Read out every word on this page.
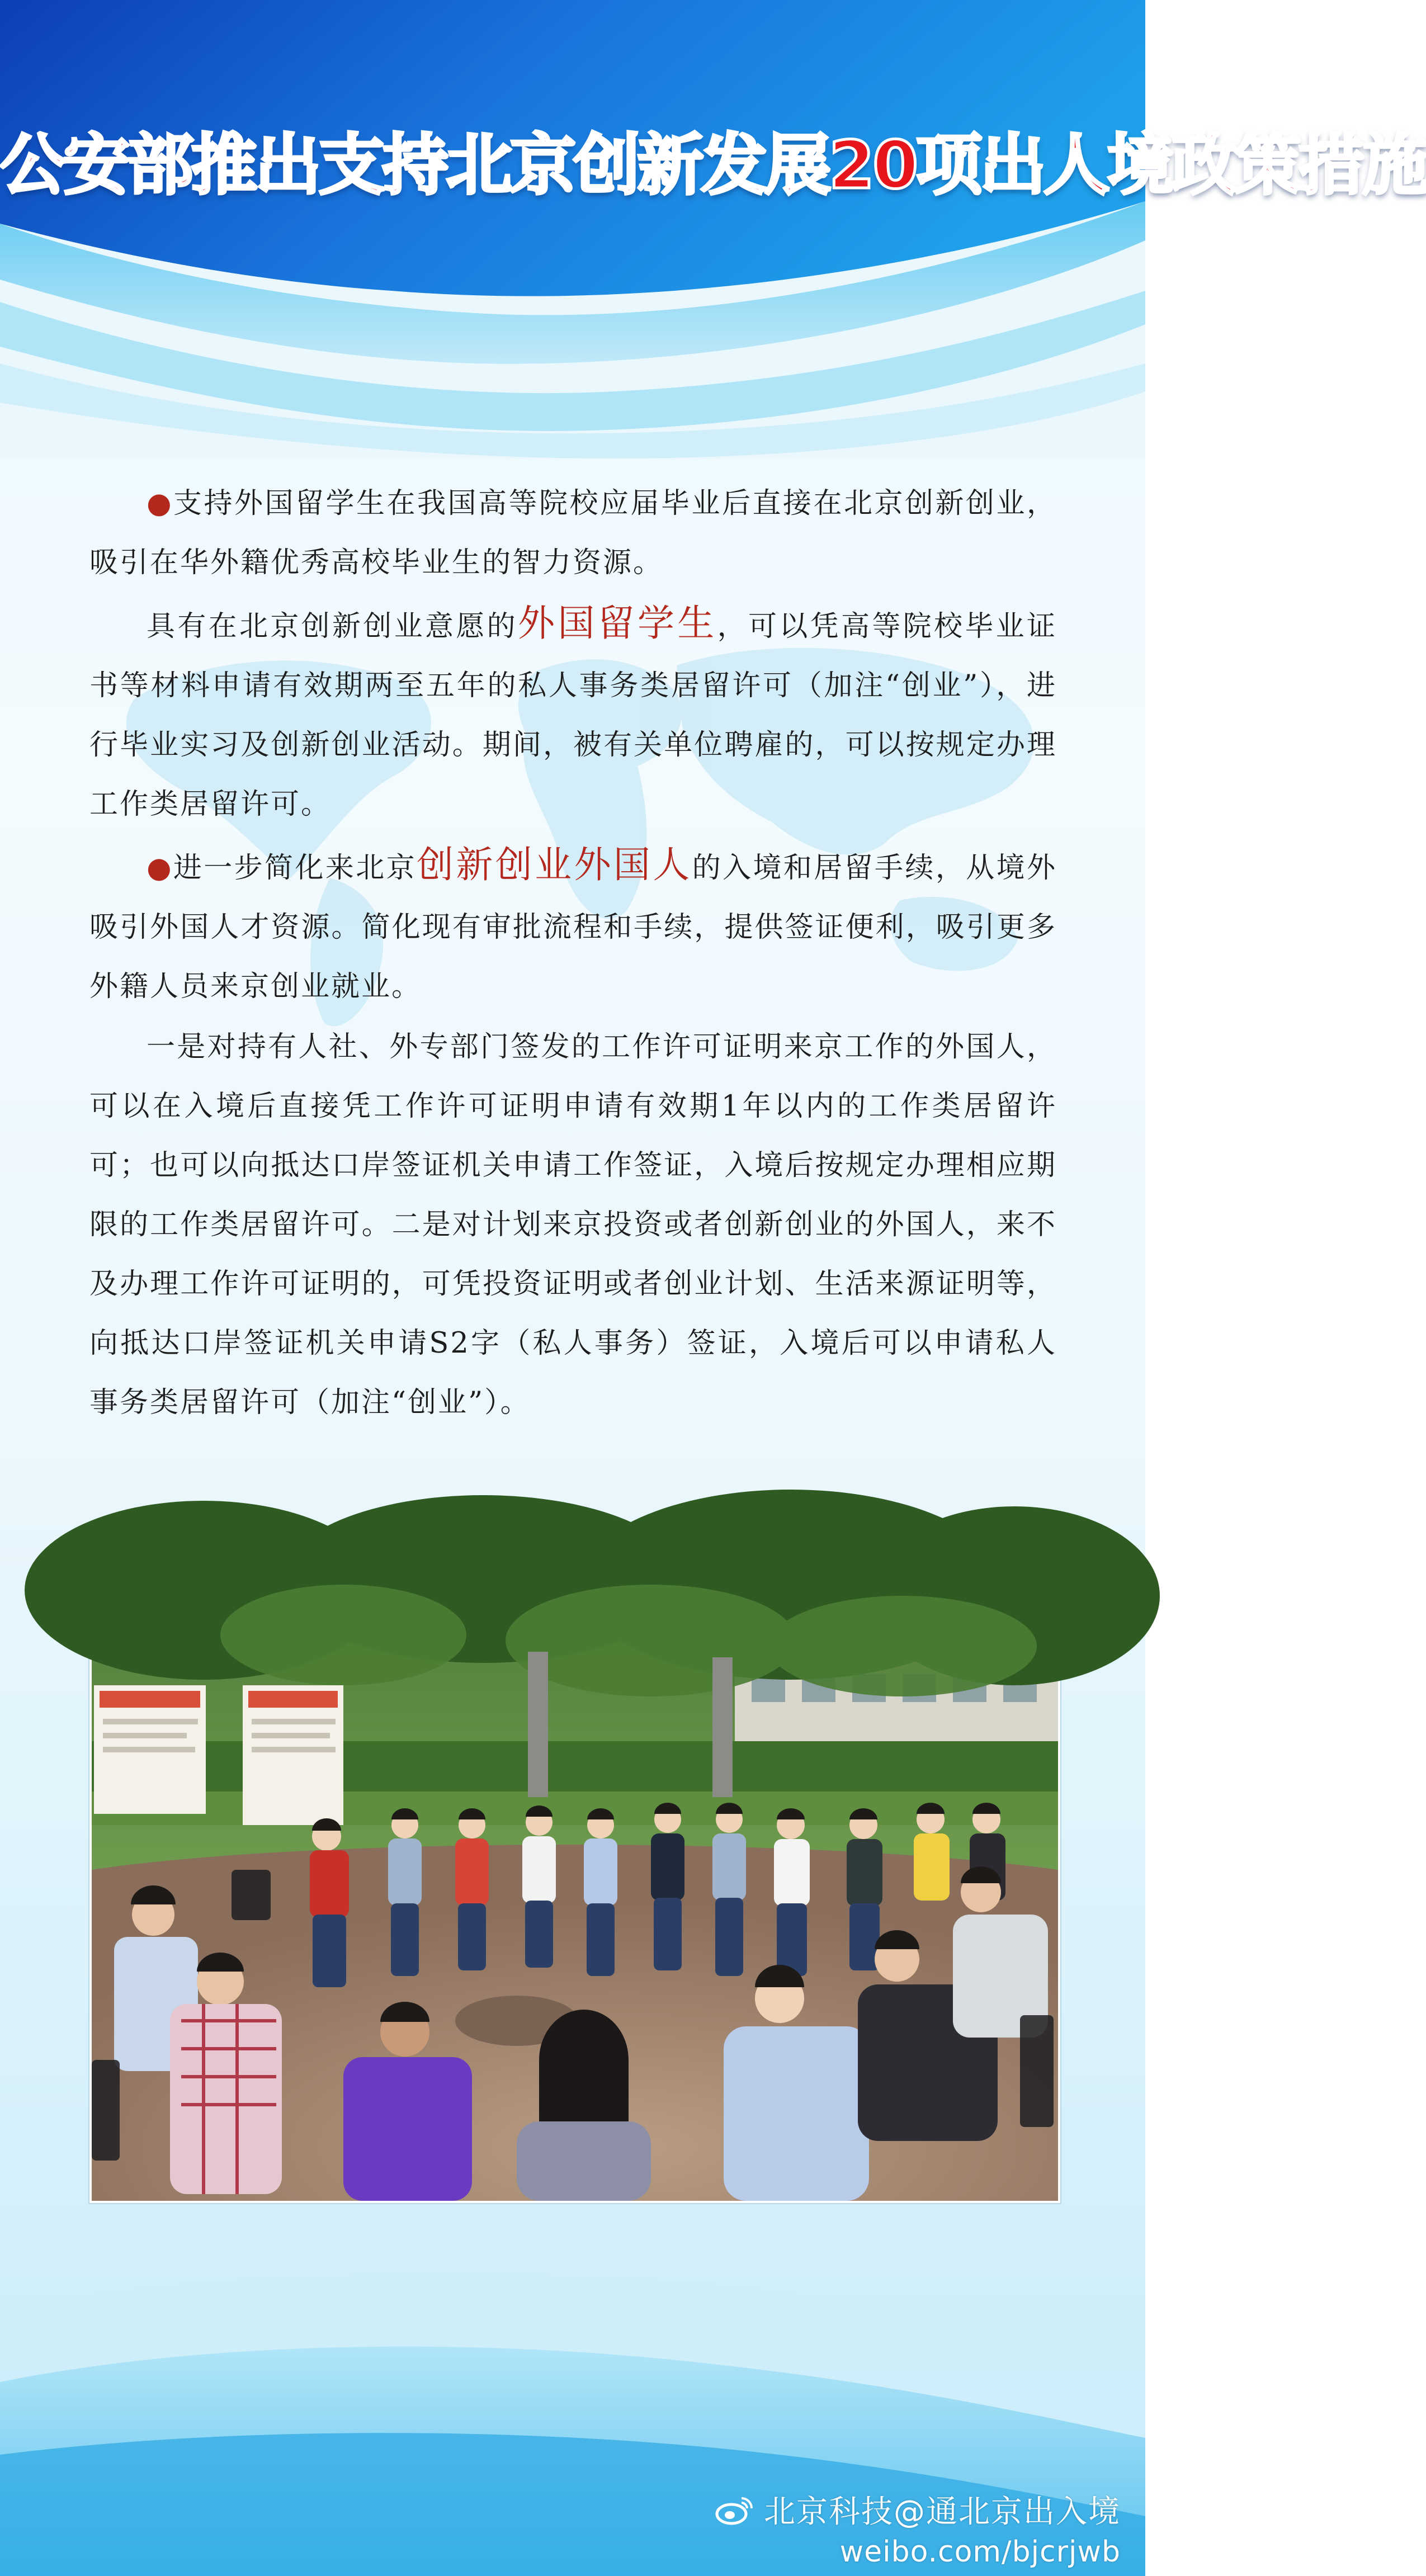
公安部推出支持北京创新发展20项出人境政策措施

●支持外国留学生在我国高等院校应届毕业后直接在北京创新创业，吸引在华外籍优秀高校毕业生的智力资源。

具有在北京创新创业意愿的外国留学生，可以凭高等院校毕业证书等材料申请有效期两至五年的私人事务类居留许可（加注“创业”），进行毕业实习及创新创业活动。期间，被有关单位聘雇的，可以按规定办理工作类居留许可。

●进一步简化来北京创新创业外国人的入境和居留手续，从境外吸引外国人才资源。简化现有审批流程和手续，提供签证便利，吸引更多外籍人员来京创业就业。

一是对持有人社、外专部门签发的工作许可证明来京工作的外国人，可以在入境后直接凭工作许可证明申请有效期1年以内的工作类居留许可；也可以向抵达口岸签证机关申请工作签证，入境后按规定办理相应期限的工作类居留许可。二是对计划来京投资或者创新创业的外国人，来不及办理工作许可证明的，可凭投资证明或者创业计划、生活来源证明等，向抵达口岸签证机关申请S2字（私人事务）签证，入境后可以申请私人事务类居留许可（加注“创业”）。

北京科技@通北京出入境
weibo.com/bjcrjwb
